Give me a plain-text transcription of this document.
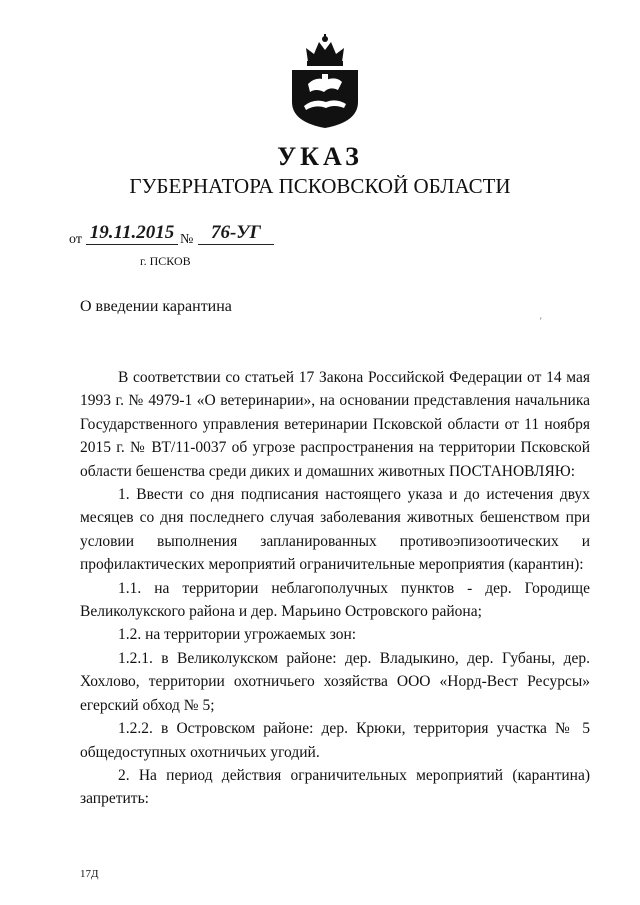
УКАЗ
ГУБЕРНАТОРА ПСКОВСКОЙ ОБЛАСТИ
от 19.11.2015 № 76-УГ
г. ПСКОВ
О введении карантина
'

В соответствии со статьей 17 Закона Российской Федерации от 14 мая 1993 г. № 4979-1 «О ветеринарии», на основании представления начальника Государственного управления ветеринарии Псковской области от 11 ноября 2015 г. № ВТ/11-0037 об угрозе распространения на территории Псковской области бешенства среди диких и домашних животных ПОСТАНОВЛЯЮ:

1. Ввести со дня подписания настоящего указа и до истечения двух месяцев со дня последнего случая заболевания животных бешенством при условии выполнения запланированных противоэпизоотических и профилактических мероприятий ограничительные мероприятия (карантин):

1.1. на территории неблагополучных пунктов - дер. Городище Великолукского района и дер. Марьино Островского района;

1.2. на территории угрожаемых зон:

1.2.1. в Великолукском районе: дер. Владыкино, дер. Губаны, дер. Хохлово, территории охотничьего хозяйства ООО «Норд-Вест Ресурсы» егерский обход № 5;

1.2.2. в Островском районе: дер. Крюки, территория участка № 5 общедоступных охотничьих угодий.

2. На период действия ограничительных мероприятий (карантина) запретить:

17Д
